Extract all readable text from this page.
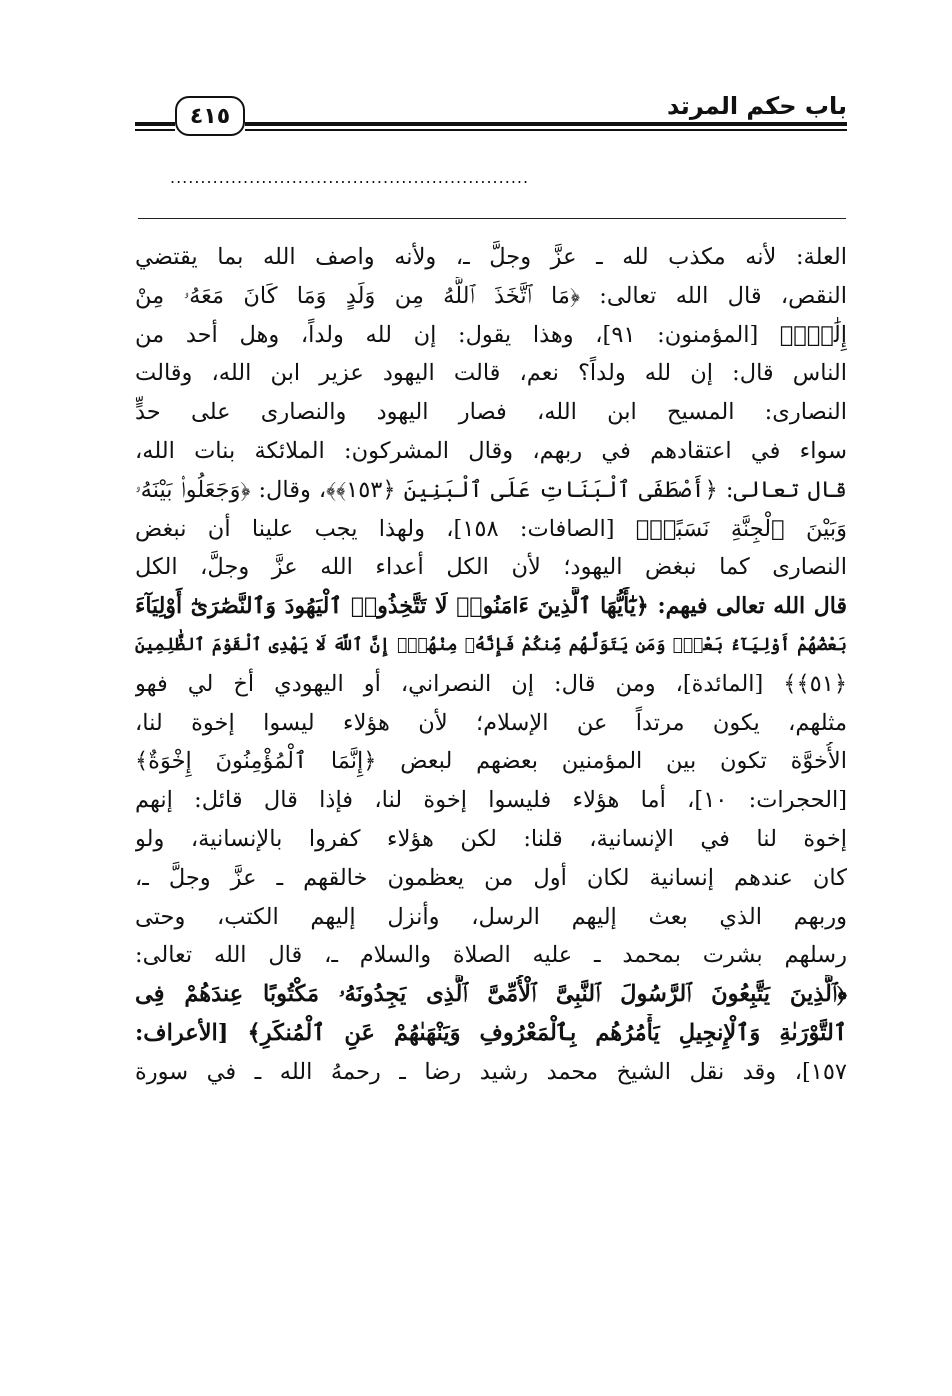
٤١٥	باب حكم المرتد
...........................................................
العلة: لأنه مكذب لله ـ عزَّ وجلَّ ـ، ولأنه واصف الله بما يقتضي
النقص، قال الله تعالى: ﴿مَا ٱتَّخَذَ ٱللَّهُ مِن وَلَدٍ وَمَا كَانَ مَعَهُۥ مِنْ
إِلَٰهٍۚ﴾ [المؤمنون: ٩١]، وهذا يقول: إن لله ولداً، وهل أحد من
الناس قال: إن لله ولداً؟ نعم، قالت اليهود عزير ابن الله، وقالت
النصارى: المسيح ابن الله، فصار اليهود والنصارى على حدٍّ
سواء في اعتقادهم في ربهم، وقال المشركون: الملائكة بنات الله،
قال تعالى: ﴿أَصْطَفَى ٱلْبَنَاتِ عَلَى ٱلْبَنِينَ ﴿١٥٣﴾﴾، وقال: ﴿وَجَعَلُوا۟ بَيْنَهُۥ
وَبَيْنَ ٱلْجِنَّةِ نَسَبًاۚ﴾ [الصافات: ١٥٨]، ولهذا يجب علينا أن نبغض
النصارى كما نبغض اليهود؛ لأن الكل أعداء الله عزَّ وجلَّ، الكل
قال الله تعالى فيهم: ﴿يَٰٓأَيُّهَا ٱلَّذِينَ ءَامَنُوا۟ لَا تَتَّخِذُوا۟ ٱلْيَهُودَ وَٱلنَّصَٰرَىٰٓ أَوْلِيَآءَ
بَعْضُهُمْ أَوْلِيَآءُ بَعْضٍۚ وَمَن يَتَوَلَّهُم مِّنكُمْ فَإِنَّهُۥ مِنْهُمْۗ إِنَّ ٱللَّهَ لَا يَهْدِى ٱلْقَوْمَ ٱلظَّٰلِمِينَ
﴿٥١﴾﴾ [المائدة]، ومن قال: إن النصراني، أو اليهودي أخ لي فهو
مثلهم، يكون مرتداً عن الإسلام؛ لأن هؤلاء ليسوا إخوة لنا،
الأُخوَّة تكون بين المؤمنين بعضهم لبعض ﴿إِنَّمَا ٱلْمُؤْمِنُونَ إِخْوَةٌ﴾
[الحجرات: ١٠]، أما هؤلاء فليسوا إخوة لنا، فإذا قال قائل: إنهم
إخوة لنا في الإنسانية، قلنا: لكن هؤلاء كفروا بالإنسانية، ولو
كان عندهم إنسانية لكان أول من يعظمون خالقهم ـ عزَّ وجلَّ ـ،
وربهم الذي بعث إليهم الرسل، وأنزل إليهم الكتب، وحتى
رسلهم بشرت بمحمد ـ عليه الصلاة والسلام ـ، قال الله تعالى:
﴿ٱلَّذِينَ يَتَّبِعُونَ ٱلرَّسُولَ ٱلنَّبِىَّ ٱلْأُمِّىَّ ٱلَّذِى يَجِدُونَهُۥ مَكْتُوبًا عِندَهُمْ فِى
ٱلتَّوْرَىٰةِ وَٱلْإِنجِيلِ يَأْمُرُهُم بِٱلْمَعْرُوفِ وَيَنْهَىٰهُمْ عَنِ ٱلْمُنكَرِ﴾ [الأعراف:
١٥٧]، وقد نقل الشيخ محمد رشيد رضا ـ رحمهُ الله ـ في سورة
